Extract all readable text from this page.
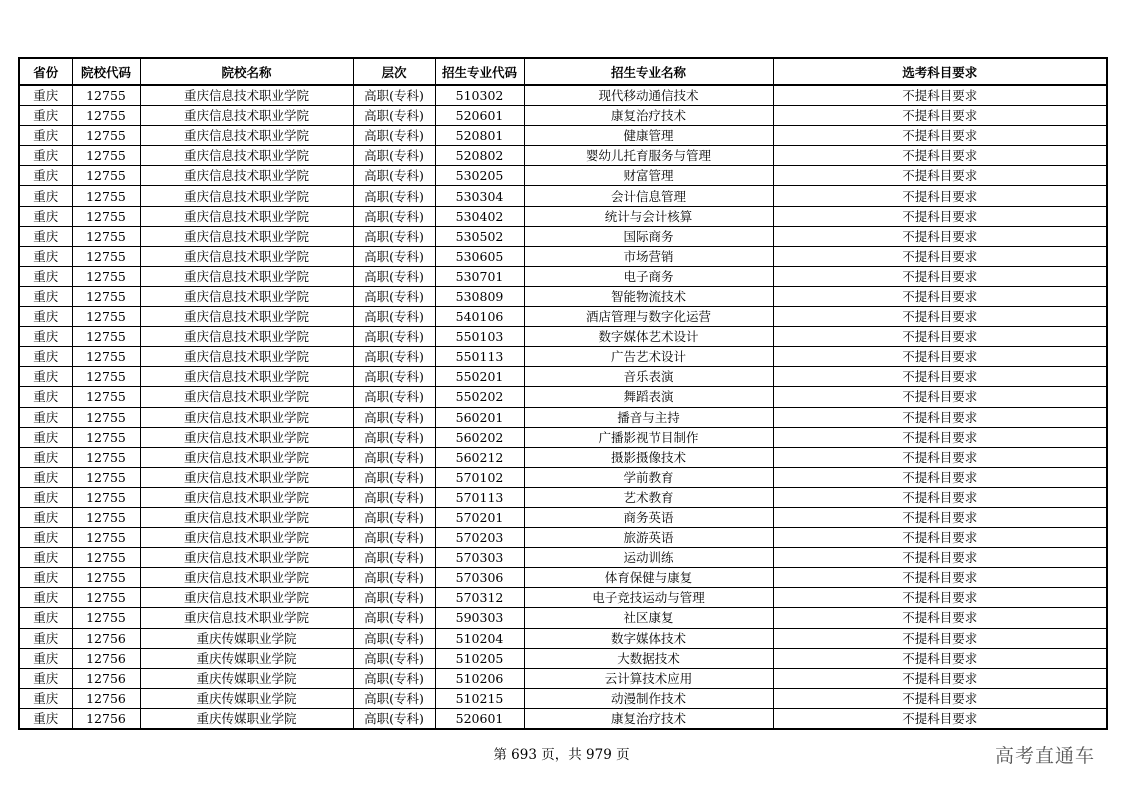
省份	院校代码	院校名称	层次	招生专业代码	招生专业名称	选考科目要求
重庆	12755	重庆信息技术职业学院	高职(专科)	510302	现代移动通信技术	不提科目要求
重庆	12755	重庆信息技术职业学院	高职(专科)	520601	康复治疗技术	不提科目要求
重庆	12755	重庆信息技术职业学院	高职(专科)	520801	健康管理	不提科目要求
重庆	12755	重庆信息技术职业学院	高职(专科)	520802	婴幼儿托育服务与管理	不提科目要求
重庆	12755	重庆信息技术职业学院	高职(专科)	530205	财富管理	不提科目要求
重庆	12755	重庆信息技术职业学院	高职(专科)	530304	会计信息管理	不提科目要求
重庆	12755	重庆信息技术职业学院	高职(专科)	530402	统计与会计核算	不提科目要求
重庆	12755	重庆信息技术职业学院	高职(专科)	530502	国际商务	不提科目要求
重庆	12755	重庆信息技术职业学院	高职(专科)	530605	市场营销	不提科目要求
重庆	12755	重庆信息技术职业学院	高职(专科)	530701	电子商务	不提科目要求
重庆	12755	重庆信息技术职业学院	高职(专科)	530809	智能物流技术	不提科目要求
重庆	12755	重庆信息技术职业学院	高职(专科)	540106	酒店管理与数字化运营	不提科目要求
重庆	12755	重庆信息技术职业学院	高职(专科)	550103	数字媒体艺术设计	不提科目要求
重庆	12755	重庆信息技术职业学院	高职(专科)	550113	广告艺术设计	不提科目要求
重庆	12755	重庆信息技术职业学院	高职(专科)	550201	音乐表演	不提科目要求
重庆	12755	重庆信息技术职业学院	高职(专科)	550202	舞蹈表演	不提科目要求
重庆	12755	重庆信息技术职业学院	高职(专科)	560201	播音与主持	不提科目要求
重庆	12755	重庆信息技术职业学院	高职(专科)	560202	广播影视节目制作	不提科目要求
重庆	12755	重庆信息技术职业学院	高职(专科)	560212	摄影摄像技术	不提科目要求
重庆	12755	重庆信息技术职业学院	高职(专科)	570102	学前教育	不提科目要求
重庆	12755	重庆信息技术职业学院	高职(专科)	570113	艺术教育	不提科目要求
重庆	12755	重庆信息技术职业学院	高职(专科)	570201	商务英语	不提科目要求
重庆	12755	重庆信息技术职业学院	高职(专科)	570203	旅游英语	不提科目要求
重庆	12755	重庆信息技术职业学院	高职(专科)	570303	运动训练	不提科目要求
重庆	12755	重庆信息技术职业学院	高职(专科)	570306	体育保健与康复	不提科目要求
重庆	12755	重庆信息技术职业学院	高职(专科)	570312	电子竞技运动与管理	不提科目要求
重庆	12755	重庆信息技术职业学院	高职(专科)	590303	社区康复	不提科目要求
重庆	12756	重庆传媒职业学院	高职(专科)	510204	数字媒体技术	不提科目要求
重庆	12756	重庆传媒职业学院	高职(专科)	510205	大数据技术	不提科目要求
重庆	12756	重庆传媒职业学院	高职(专科)	510206	云计算技术应用	不提科目要求
重庆	12756	重庆传媒职业学院	高职(专科)	510215	动漫制作技术	不提科目要求
重庆	12756	重庆传媒职业学院	高职(专科)	520601	康复治疗技术	不提科目要求
第 693 页，共 979 页	高考直通车
